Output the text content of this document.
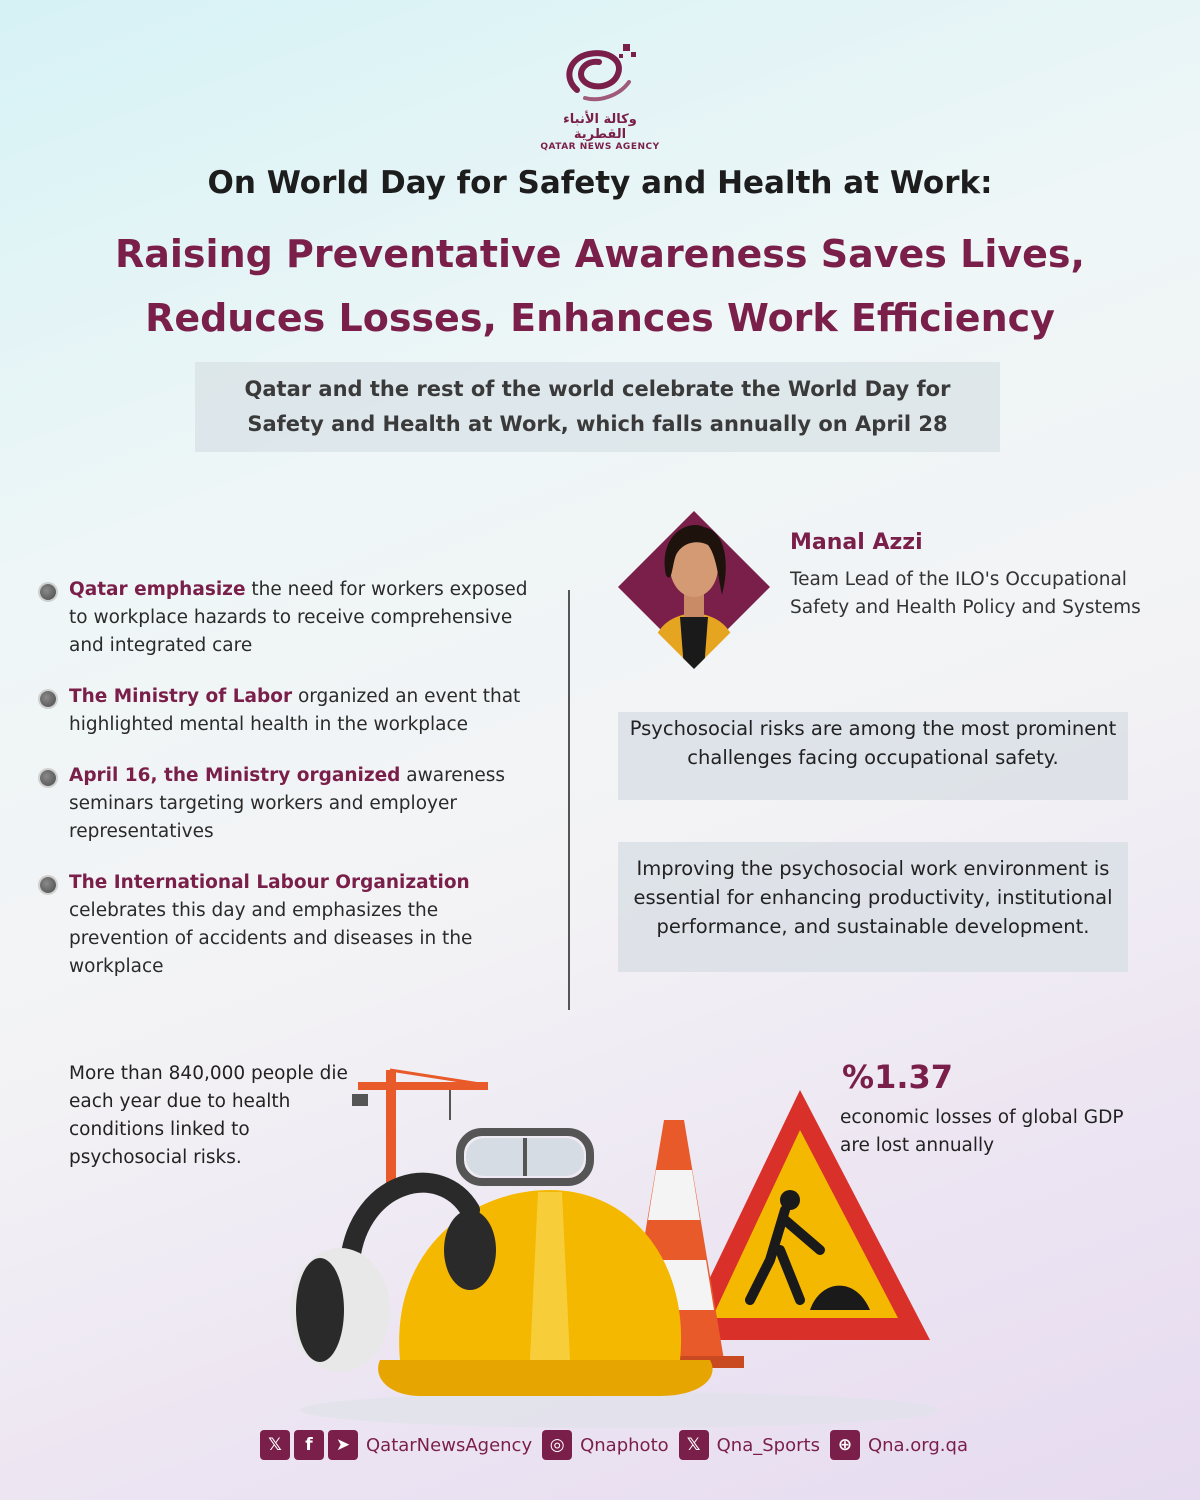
وكالة الأنباء القطرية
QATAR NEWS AGENCY
On World Day for Safety and Health at Work:
Raising Preventative Awareness Saves Lives,
Reduces Losses, Enhances Work Efficiency
Qatar and the rest of the world celebrate the World Day for
Safety and Health at Work, which falls annually on April 28
Qatar emphasize the need for workers exposed to workplace hazards to receive comprehensive and integrated care
The Ministry of Labor organized an event that highlighted mental health in the workplace
April 16, the Ministry organized awareness seminars targeting workers and employer representatives
The International Labour Organization celebrates this day and emphasizes the prevention of accidents and diseases in the workplace
Manal Azzi
Team Lead of the ILO's Occupational Safety and Health Policy and Systems
Psychosocial risks are among the most prominent challenges facing occupational safety.
Improving the psychosocial work environment is essential for enhancing productivity, institutional performance, and sustainable development.
More than 840,000 people die each year due to health conditions linked to psychosocial risks.
%1.37
economic losses of global GDP are lost annually
𝕏	f	➤ QatarNewsAgency	◎ Qnaphoto	𝕏 Qna_Sports	⊕ Qna.org.qa
